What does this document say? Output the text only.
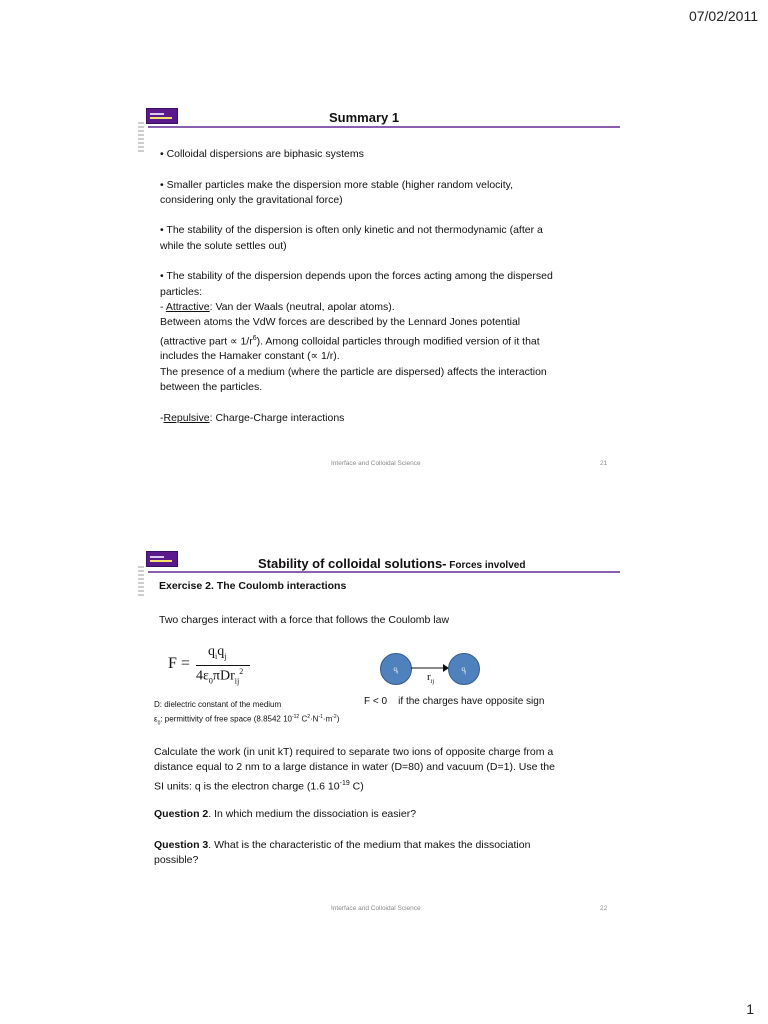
07/02/2011
Summary 1

• Colloidal dispersions are biphasic systems

• Smaller particles make the dispersion more stable (higher random velocity,

considering only the gravitational force)

• The stability of the dispersion is often only kinetic and not thermodynamic (after a

while the solute settles out)

• The stability of the dispersion depends upon the forces acting among the dispersed

particles:

- Attractive: Van der Waals (neutral, apolar atoms).

Between atoms the VdW forces are described by the Lennard Jones potential

(attractive part ∝ $1/r^6$). Among colloidal particles through modified version of it that

includes the Hamaker constant (∝ 1/r).

The presence of a medium (where the particle are dispersed) affects the interaction

between the particles.

-Repulsive: Charge-Charge interactions

Interface and Colloidal Science	21
Stability of colloidal solutions- Forces involved
Exercise 2. The Coulomb interactions
Two charges interact with a force that follows the Coulomb law
F =
$q_iq_j$
$4\varepsilon_0\pi Dr_{ij}^2$	$q_i$	$q_j$
$r_{ij}$
D: dielectric constant of the medium
$\varepsilon_0$: permittivity of free space (8.8542 $10^{-12}$ $C^2\cdot N^{-1}\cdot m^{-2}$)
F < 0    if the charges have opposite sign

Calculate the work (in unit kT) required to separate two ions of opposite charge from a

distance equal to 2 nm to a large distance in water (D=80) and vacuum (D=1). Use the

SI units: q is the electron charge (1.6 $10^{-19}$ C)

Question 2. In which medium the dissociation is easier?

Question 3. What is the characteristic of the medium that makes the dissociation

possible?

Interface and Colloidal Science	22
1
